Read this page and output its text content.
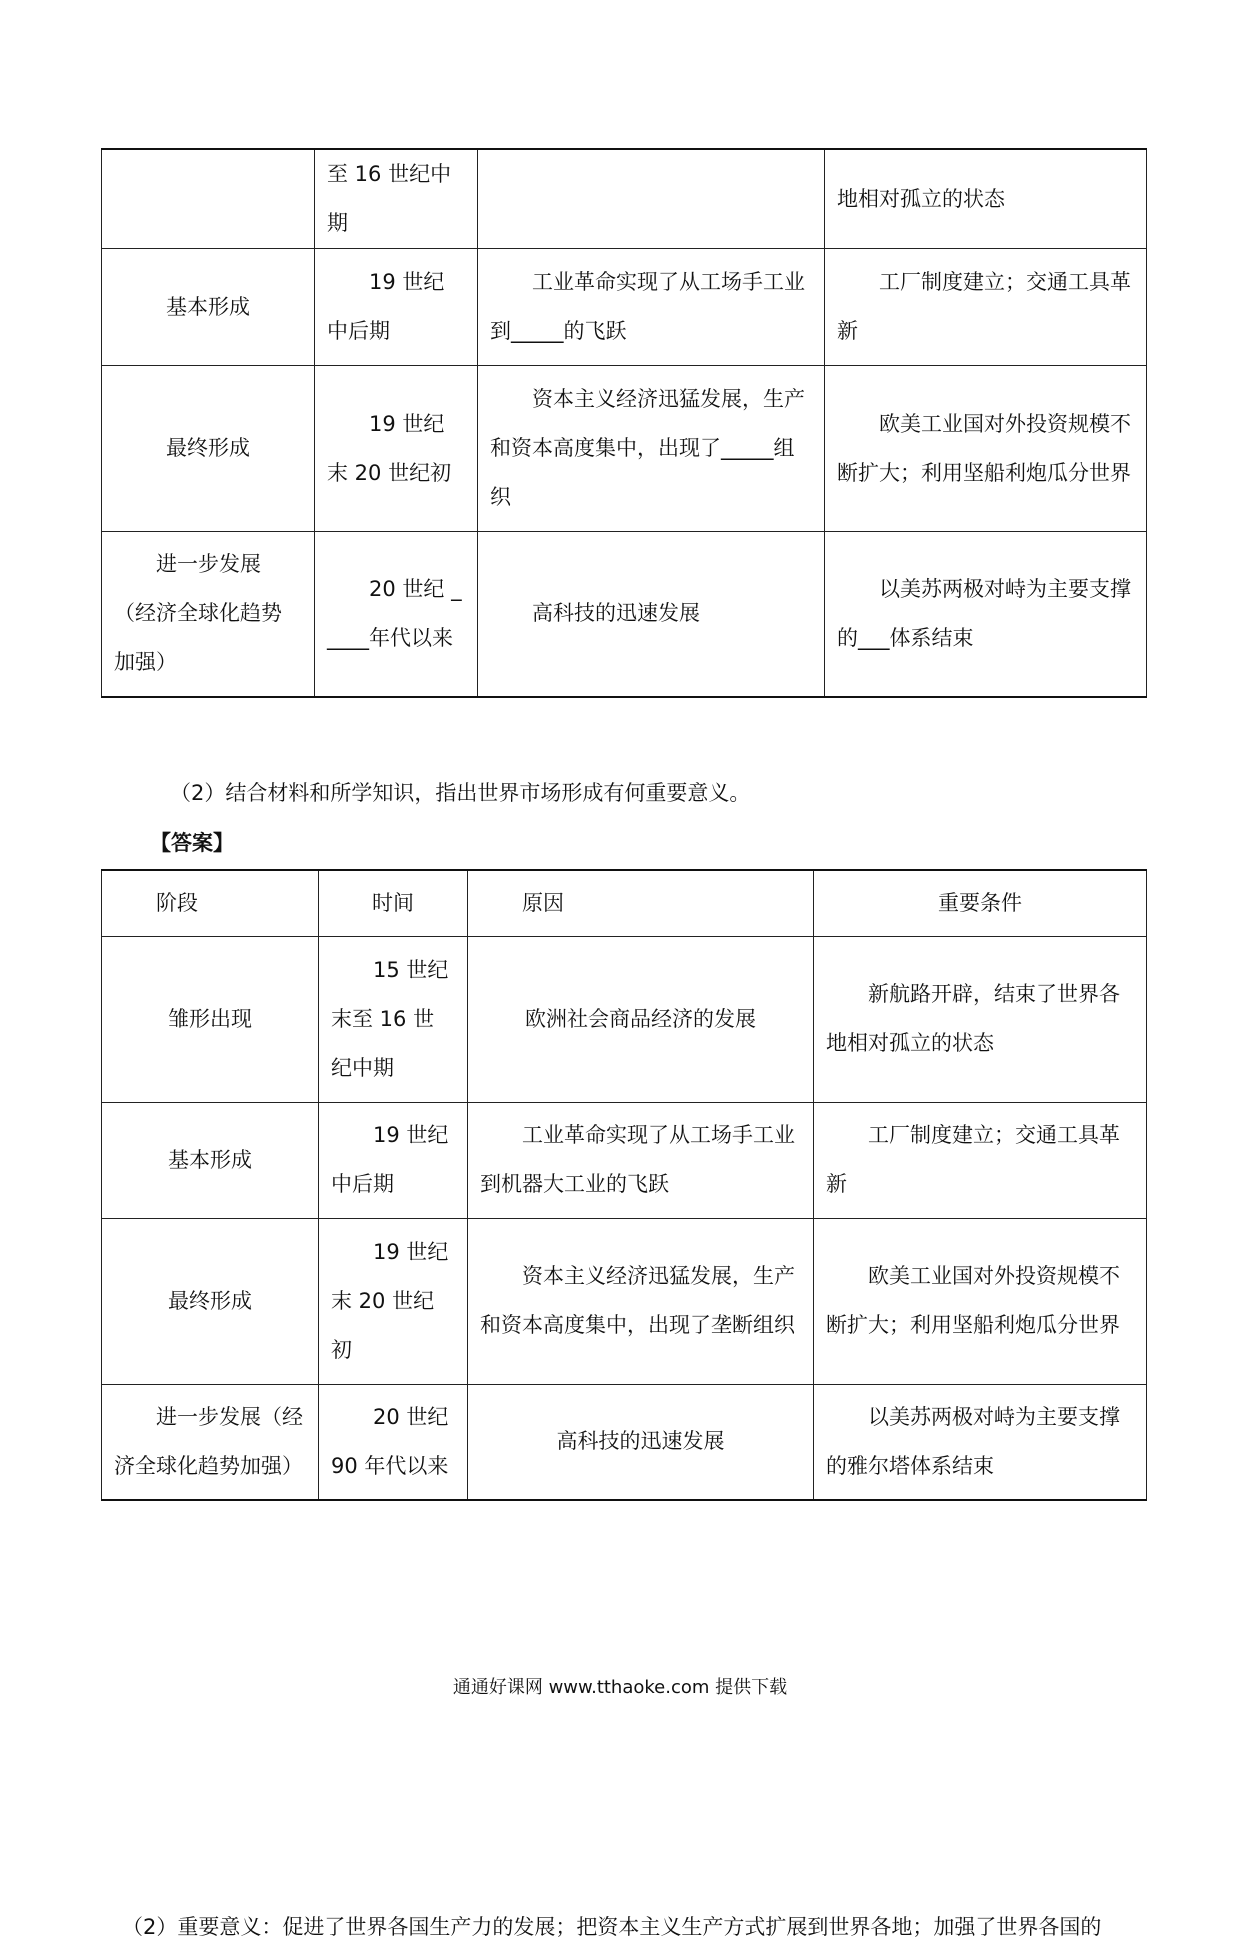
	至 16 世纪中期		地相对孤立的状态
基本形成	19 世纪中后期	工业革命实现了从工场手工业到_____的飞跃	工厂制度建立；交通工具革新

最终形成	19 世纪末 20 世纪初	资本主义经济迅猛发展，生产和资本高度集中，出现了_____组织	欧美工业国对外投资规模不断扩大；利用坚船利炮瓜分世界

进一步发展（经济全球化趋势加强）	20 世纪 _____年代以来	高科技的迅速发展	以美苏两极对峙为主要支撑的___体系结束
（2）结合材料和所学知识，指出世界市场形成有何重要意义。
【答案】
阶段	时间	原因	重要条件
雏形出现	15 世纪末至 16 世纪中期	欧洲社会商品经济的发展	新航路开辟，结束了世界各地相对孤立的状态

基本形成	19 世纪中后期	工业革命实现了从工场手工业到机器大工业的飞跃	工厂制度建立；交通工具革新

最终形成	19 世纪末 20 世纪初	资本主义经济迅猛发展，生产和资本高度集中，出现了垄断组织	欧美工业国对外投资规模不断扩大；利用坚船利炮瓜分世界

进一步发展（经济全球化趋势加强）	20 世纪 90 年代以来	高科技的迅速发展	以美苏两极对峙为主要支撑的雅尔塔体系结束
（2）重要意义：促进了世界各国生产力的发展；把资本主义生产方式扩展到世界各地；加强了世界各国的
通通好课网 www.tthaoke.com 提供下载
